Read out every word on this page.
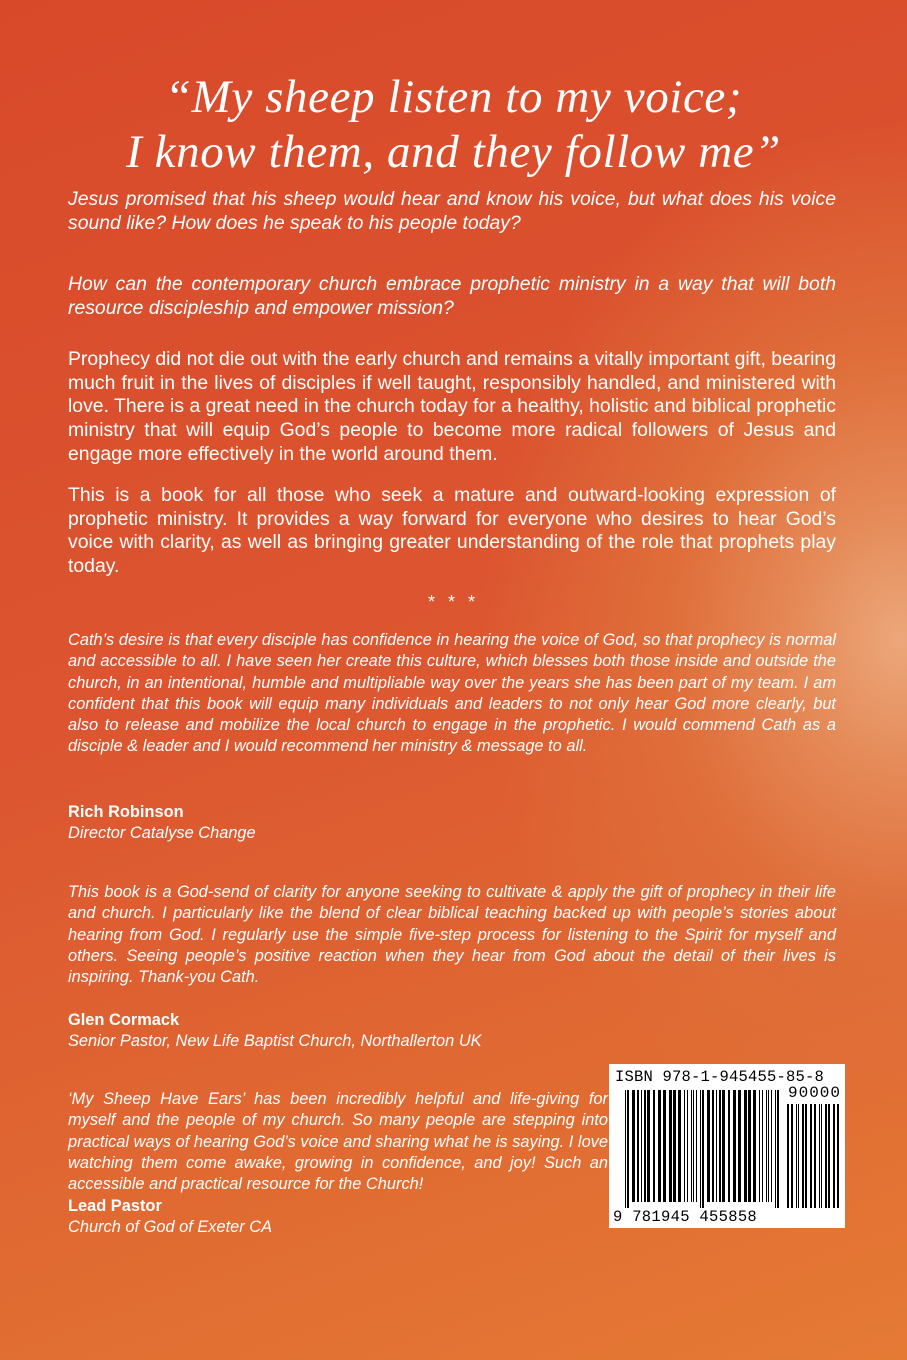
“My sheep listen to my voice;
I know them, and they follow me”

Jesus promised that his sheep would hear and know his voice, but what does his voice sound like? How does he speak to his people today?

How can the contemporary church embrace prophetic ministry in a way that will both resource discipleship and empower mission?

Prophecy did not die out with the early church and remains a vitally important gift, bearing much fruit in the lives of disciples if well taught, responsibly handled, and ministered with love. There is a great need in the church today for a healthy, holistic and biblical prophetic ministry that will equip God’s people to become more radical followers of Jesus and engage more effectively in the world around them.

This is a book for all those who seek a mature and outward-looking expression of prophetic ministry. It provides a way forward for everyone who desires to hear God’s voice with clarity, as well as bringing greater understanding of the role that prophets play today.

* * *

Cath’s desire is that every disciple has confidence in hearing the voice of God, so that prophecy is normal and accessible to all. I have seen her create this culture, which blesses both those inside and outside the church, in an intentional, humble and multipliable way over the years she has been part of my team. I am confident that this book will equip many individuals and leaders to not only hear God more clearly, but also to release and mobilize the local church to engage in the prophetic. I would commend Cath as a disciple & leader and I would recommend her ministry & message to all.

Rich Robinson
Director Catalyse Change

This book is a God-send of clarity for anyone seeking to cultivate & apply the gift of prophecy in their life and church. I particularly like the blend of clear biblical teaching backed up with people’s stories about hearing from God. I regularly use the simple five-step process for listening to the Spirit for myself and others. Seeing people’s positive reaction when they hear from God about the detail of their lives is inspiring. Thank-you Cath.

Glen Cormack
Senior Pastor, New Life Baptist Church, Northallerton UK

‘My Sheep Have Ears’ has been incredibly helpful and life-giving for myself and the people of my church. So many people are stepping into practical ways of hearing God’s voice and sharing what he is saying. I love watching them come awake, growing in confidence, and joy! Such an accessible and practical resource for the Church!

Lead Pastor
Church of God of Exeter CA
ISBN 978-1-945455-85-8
90000
9 781945 455858
